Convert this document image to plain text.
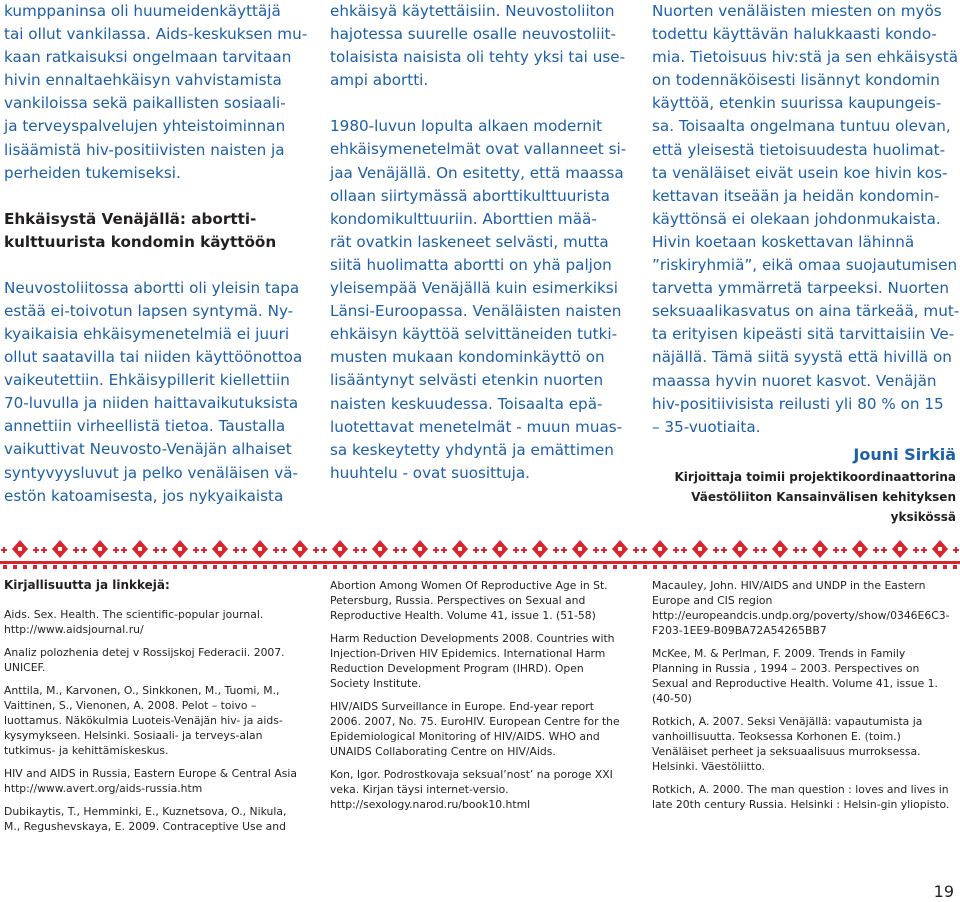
kumppaninsa oli huumeidenkäyttäjä
tai ollut vankilassa. Aids-keskuksen mu-
kaan ratkaisuksi ongelmaan tarvitaan
hivin ennaltaehkäisyn vahvistamista
vankiloissa sekä paikallisten sosiaali-
ja terveyspalvelujen yhteistoiminnan
lisäämistä hiv-positiivisten naisten ja
perheiden tukemiseksi.
Ehkäisystä Venäjällä: abortti-
kulttuurista kondomin käyttöön
Neuvostoliitossa abortti oli yleisin tapa
estää ei-toivotun lapsen syntymä. Ny-
kyaikaisia ehkäisymenetelmiä ei juuri
ollut saatavilla tai niiden käyttöönottoa
vaikeutettiin. Ehkäisypillerit kiellettiin
70-luvulla ja niiden haittavaikutuksista
annettiin virheellistä tietoa. Taustalla
vaikuttivat Neuvosto-Venäjän alhaiset
syntyvyysluvut ja pelko venäläisen vä-
estön katoamisesta, jos nykyaikaista
ehkäisyä käytettäisiin. Neuvostoliiton
hajotessa suurelle osalle neuvostoliit-
tolaisista naisista oli tehty yksi tai use-
ampi abortti.
1980-luvun lopulta alkaen modernit
ehkäisymenetelmät ovat vallanneet si-
jaa Venäjällä. On esitetty, että maassa
ollaan siirtymässä aborttikulttuurista
kondomikulttuuriin. Aborttien mää-
rät ovatkin laskeneet selvästi, mutta
siitä huolimatta abortti on yhä paljon
yleisempää Venäjällä kuin esimerkiksi
Länsi-Euroopassa. Venäläisten naisten
ehkäisyn käyttöä selvittäneiden tutki-
musten mukaan kondominkäyttö on
lisääntynyt selvästi etenkin nuorten
naisten keskuudessa. Toisaalta epä-
luotettavat menetelmät - muun muas-
sa keskeytetty yhdyntä ja emättimen
huuhtelu - ovat suosittuja.
Nuorten venäläisten miesten on myös
todettu käyttävän halukkaasti kondo-
mia. Tietoisuus hiv:stä ja sen ehkäisystä
on todennäköisesti lisännyt kondomin
käyttöä, etenkin suurissa kaupungeis-
sa. Toisaalta ongelmana tuntuu olevan,
että yleisestä tietoisuudesta huolimat-
ta venäläiset eivät usein koe hivin kos-
kettavan itseään ja heidän kondomin-
käyttönsä ei olekaan johdonmukaista.
Hivin koetaan koskettavan lähinnä
”riskiryhmiä”, eikä omaa suojautumisen
tarvetta ymmärretä tarpeeksi. Nuorten
seksuaalikasvatus on aina tärkeää, mut-
ta erityisen kipeästi sitä tarvittaisiin Ve-
näjällä. Tämä siitä syystä että hivillä on
maassa hyvin nuoret kasvot. Venäjän
hiv-positiivisista reilusti yli 80 % on 15
– 35-vuotiaita.

Jouni Sirkiä

Kirjoittaja toimii projektikoordinaattorina
Väestöliiton Kansainvälisen kehityksen
yksikössä

Kirjallisuutta ja linkkejä:

Aids. Sex. Health. The scientific-popular journal. http://www.aidsjournal.ru/

Analiz polozhenia detej v Rossijskoj Federacii. 2007. UNICEF.

Anttila, M., Karvonen, O., Sinkkonen, M., Tuomi, M., Vaittinen, S., Vienonen, A. 2008. Pelot – toivo – luottamus. Näkökulmia Luoteis-Venäjän hiv- ja aids-kysymykseen. Helsinki. Sosiaali- ja terveys-alan tutkimus- ja kehittämiskeskus.

HIV and AIDS in Russia, Eastern Europe & Central Asia http://www.avert.org/aids-russia.htm

Dubikaytis, T., Hemminki, E., Kuznetsova, O., Nikula, M., Regushevskaya, E. 2009. Contraceptive Use and

Abortion Among Women Of Reproductive Age in St. Petersburg, Russia. Perspectives on Sexual and Reproductive Health. Volume 41, issue 1. (51-58)

Harm Reduction Developments 2008. Countries with Injection-Driven HIV Epidemics. International Harm Reduction Development Program (IHRD). Open Society Institute.

HIV/AIDS Surveillance in Europe. End-year report 2006. 2007, No. 75. EuroHIV. European Centre for the Epidemiological Monitoring of HIV/AIDS. WHO and UNAIDS Collaborating Centre on HIV/Aids.

Kon, Igor. Podrostkovaja seksual’nost’ na poroge XXI veka. Kirjan täysi internet-versio. http://sexology.narod.ru/book10.html

Macauley, John. HIV/AIDS and UNDP in the Eastern Europe and CIS region http://europeandcis.undp.org/poverty/show/0346E6C3-F203-1EE9-B09BA72A54265BB7

McKee, M. & Perlman, F. 2009. Trends in Family Planning in Russia , 1994 – 2003. Perspectives on Sexual and Reproductive Health. Volume 41, issue 1. (40-50)

Rotkich, A. 2007. Seksi Venäjällä: vapautumista ja vanhoillisuutta. Teoksessa Korhonen E. (toim.) Venäläiset perheet ja seksuaalisuus murroksessa. Helsinki. Väestöliitto.

Rotkich, A. 2000. The man question : loves and lives in late 20th century Russia. Helsinki : Helsin-gin yliopisto.

19
